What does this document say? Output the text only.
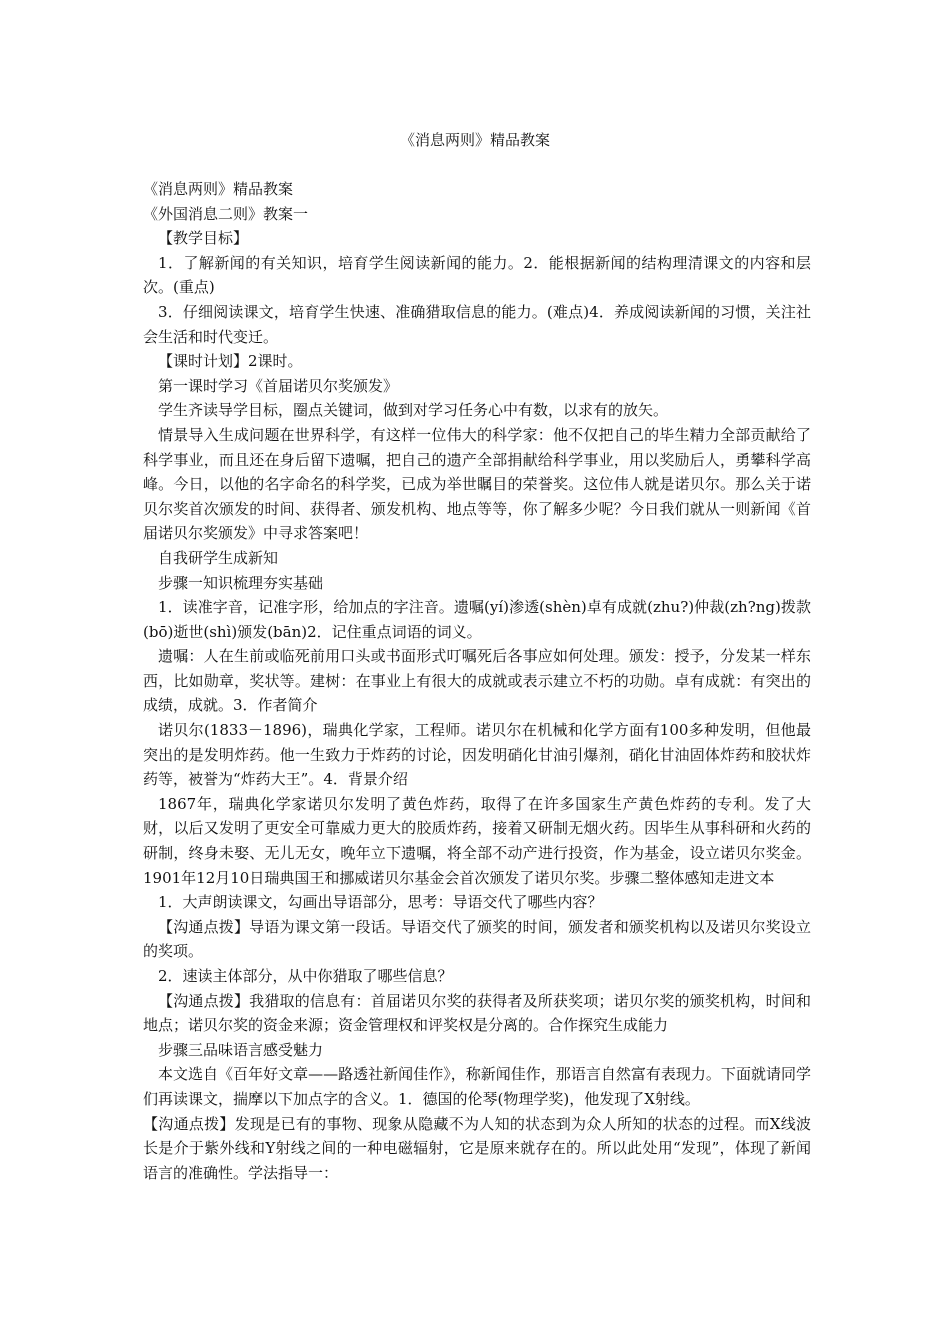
《消息两则》精品教案

《消息两则》精品教案

《外国消息二则》教案一

【教学目标】

1．了解新闻的有关知识，培育学生阅读新闻的能力。2．能根据新闻的结构理清课文的内容和层次。(重点)

3．仔细阅读课文，培育学生快速、准确猎取信息的能力。(难点)4．养成阅读新闻的习惯，关注社会生活和时代变迁。

【课时计划】2课时。

第一课时学习《首届诺贝尔奖颁发》

学生齐读导学目标，圈点关键词，做到对学习任务心中有数，以求有的放矢。

情景导入生成问题在世界科学，有这样一位伟大的科学家：他不仅把自己的毕生精力全部贡献给了科学事业，而且还在身后留下遗嘱，把自己的遗产全部捐献给科学事业，用以奖励后人，勇攀科学高峰。今日，以他的名字命名的科学奖，已成为举世瞩目的荣誉奖。这位伟人就是诺贝尔。那么关于诺贝尔奖首次颁发的时间、获得者、颁发机构、地点等等，你了解多少呢？今日我们就从一则新闻《首届诺贝尔奖颁发》中寻求答案吧！

自我研学生成新知

步骤一知识梳理夯实基础

1．读准字音，记准字形，给加点的字注音。遗嘱(yí)渗透(shèn)卓有成就(zhu?)仲裁(zh?ng)拨款(bō)逝世(shì)颁发(bān)2．记住重点词语的词义。

遗嘱：人在生前或临死前用口头或书面形式叮嘱死后各事应如何处理。颁发：授予，分发某一样东西，比如勋章，奖状等。建树：在事业上有很大的成就或表示建立不朽的功勋。卓有成就：有突出的成绩，成就。3．作者简介

诺贝尔(1833－1896)，瑞典化学家，工程师。诺贝尔在机械和化学方面有100多种发明，但他最突出的是发明炸药。他一生致力于炸药的讨论，因发明硝化甘油引爆剂，硝化甘油固体炸药和胶状炸药等，被誉为“炸药大王”。4．背景介绍

1867年，瑞典化学家诺贝尔发明了黄色炸药，取得了在许多国家生产黄色炸药的专利。发了大财，以后又发明了更安全可靠威力更大的胶质炸药，接着又研制无烟火药。因毕生从事科研和火药的研制，终身未娶、无儿无女，晚年立下遗嘱，将全部不动产进行投资，作为基金，设立诺贝尔奖金。1901年12月10日瑞典国王和挪威诺贝尔基金会首次颁发了诺贝尔奖。步骤二整体感知走进文本

1．大声朗读课文，勾画出导语部分，思考：导语交代了哪些内容？

【沟通点拨】导语为课文第一段话。导语交代了颁奖的时间，颁发者和颁奖机构以及诺贝尔奖设立的奖项。

2．速读主体部分，从中你猎取了哪些信息？

【沟通点拨】我猎取的信息有：首届诺贝尔奖的获得者及所获奖项；诺贝尔奖的颁奖机构，时间和地点；诺贝尔奖的资金来源；资金管理权和评奖权是分离的。合作探究生成能力

步骤三品味语言感受魅力

本文选自《百年好文章——路透社新闻佳作》，称新闻佳作，那语言自然富有表现力。下面就请同学们再读课文，揣摩以下加点字的含义。1．德国的伦琴(物理学奖)，他发现了X射线。

【沟通点拨】发现是已有的事物、现象从隐藏不为人知的状态到为众人所知的状态的过程。而X线波长是介于紫外线和Y射线之间的一种电磁辐射，它是原来就存在的。所以此处用“发现”，体现了新闻语言的准确性。学法指导一：
